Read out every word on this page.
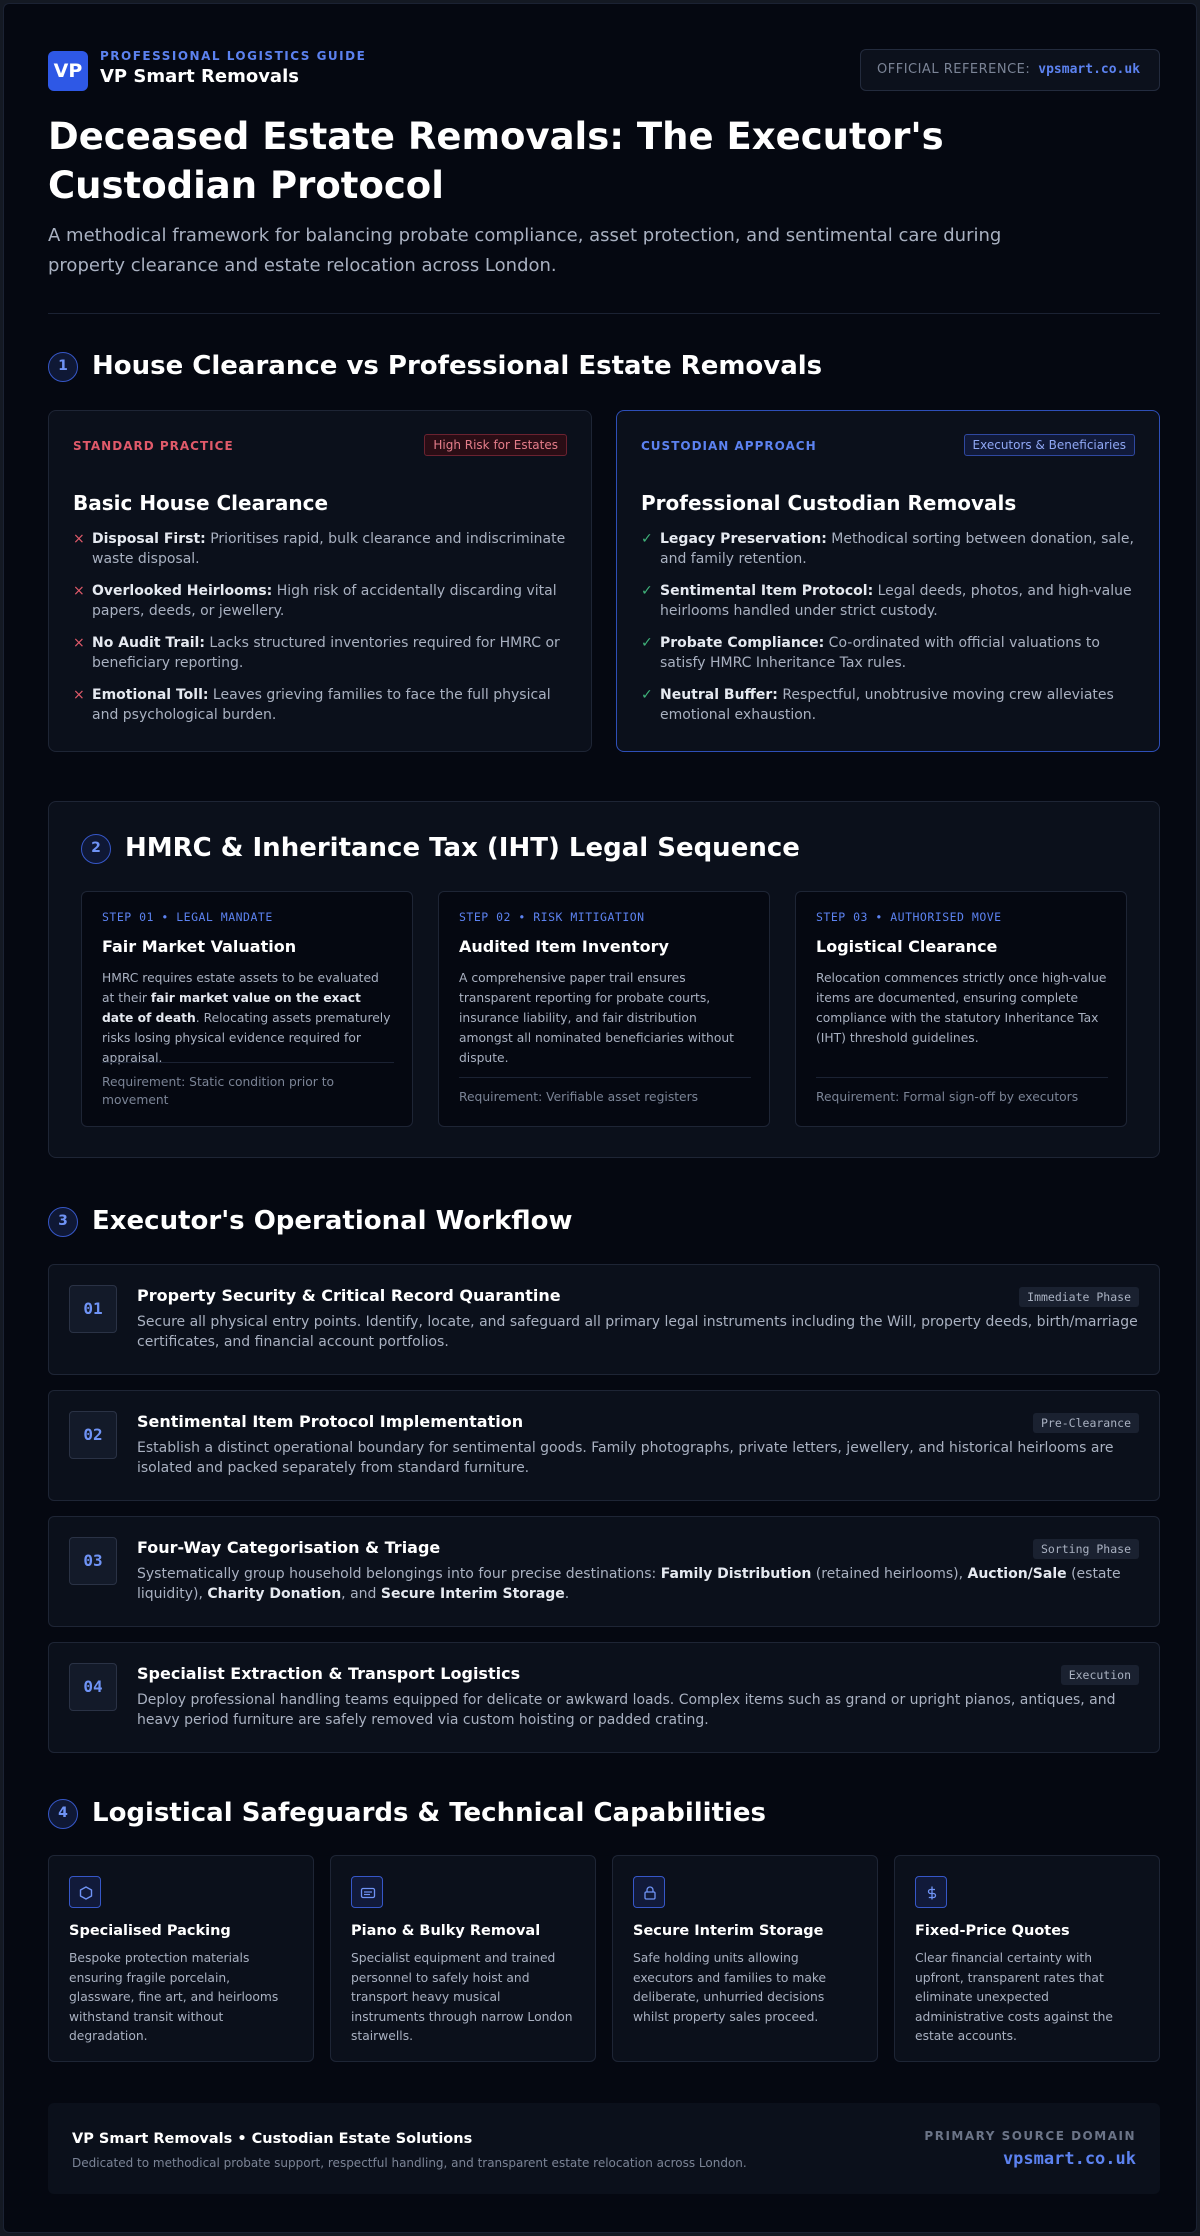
VP
PROFESSIONAL LOGISTICS GUIDE
VP Smart Removals	OFFICIAL REFERENCE: vpsmart.co.uk
Deceased Estate Removals: The Executor's Custodian Protocol
A methodical framework for balancing probate compliance, asset protection, and sentimental care during property clearance and estate relocation across London.
1 House Clearance vs Professional Estate Removals
STANDARD PRACTICE	High Risk for Estates
Basic House Clearance
× Disposal First: Prioritises rapid, bulk clearance and indiscriminate waste disposal.
× Overlooked Heirlooms: High risk of accidentally discarding vital papers, deeds, or jewellery.
× No Audit Trail: Lacks structured inventories required for HMRC or beneficiary reporting.
× Emotional Toll: Leaves grieving families to face the full physical and psychological burden.
CUSTODIAN APPROACH	Executors & Beneficiaries
Professional Custodian Removals
✓ Legacy Preservation: Methodical sorting between donation, sale, and family retention.
✓ Sentimental Item Protocol: Legal deeds, photos, and high-value heirlooms handled under strict custody.
✓ Probate Compliance: Co-ordinated with official valuations to satisfy HMRC Inheritance Tax rules.
✓ Neutral Buffer: Respectful, unobtrusive moving crew alleviates emotional exhaustion.
2 HMRC & Inheritance Tax (IHT) Legal Sequence
STEP 01 • LEGAL MANDATE
Fair Market Valuation

HMRC requires estate assets to be evaluated at their fair market value on the exact date of death. Relocating assets prematurely risks losing physical evidence required for appraisal.

Requirement: Static condition prior to movement
STEP 02 • RISK MITIGATION
Audited Item Inventory

A comprehensive paper trail ensures transparent reporting for probate courts, insurance liability, and fair distribution amongst all nominated beneficiaries without dispute.

Requirement: Verifiable asset registers
STEP 03 • AUTHORISED MOVE
Logistical Clearance

Relocation commences strictly once high-value items are documented, ensuring complete compliance with the statutory Inheritance Tax (IHT) threshold guidelines.

Requirement: Formal sign-off by executors
3 Executor's Operational Workflow
01
Property Security & Critical Record Quarantine	Immediate Phase

Secure all physical entry points. Identify, locate, and safeguard all primary legal instruments including the Will, property deeds, birth/marriage certificates, and financial account portfolios.

02
Sentimental Item Protocol Implementation	Pre-Clearance

Establish a distinct operational boundary for sentimental goods. Family photographs, private letters, jewellery, and historical heirlooms are isolated and packed separately from standard furniture.

03
Four-Way Categorisation & Triage	Sorting Phase

Systematically group household belongings into four precise destinations: Family Distribution (retained heirlooms), Auction/Sale (estate liquidity), Charity Donation, and Secure Interim Storage.

04
Specialist Extraction & Transport Logistics	Execution

Deploy professional handling teams equipped for delicate or awkward loads. Complex items such as grand or upright pianos, antiques, and heavy period furniture are safely removed via custom hoisting or padded crating.

4 Logistical Safeguards & Technical Capabilities
Specialised Packing

Bespoke protection materials ensuring fragile porcelain, glassware, fine art, and heirlooms withstand transit without degradation.

Piano & Bulky Removal

Specialist equipment and trained personnel to safely hoist and transport heavy musical instruments through narrow London stairwells.

Secure Interim Storage

Safe holding units allowing executors and families to make deliberate, unhurried decisions whilst property sales proceed.

Fixed-Price Quotes

Clear financial certainty with upfront, transparent rates that eliminate unexpected administrative costs against the estate accounts.

VP Smart Removals • Custodian Estate Solutions
Dedicated to methodical probate support, respectful handling, and transparent estate relocation across London.
PRIMARY SOURCE DOMAIN
vpsmart.co.uk
